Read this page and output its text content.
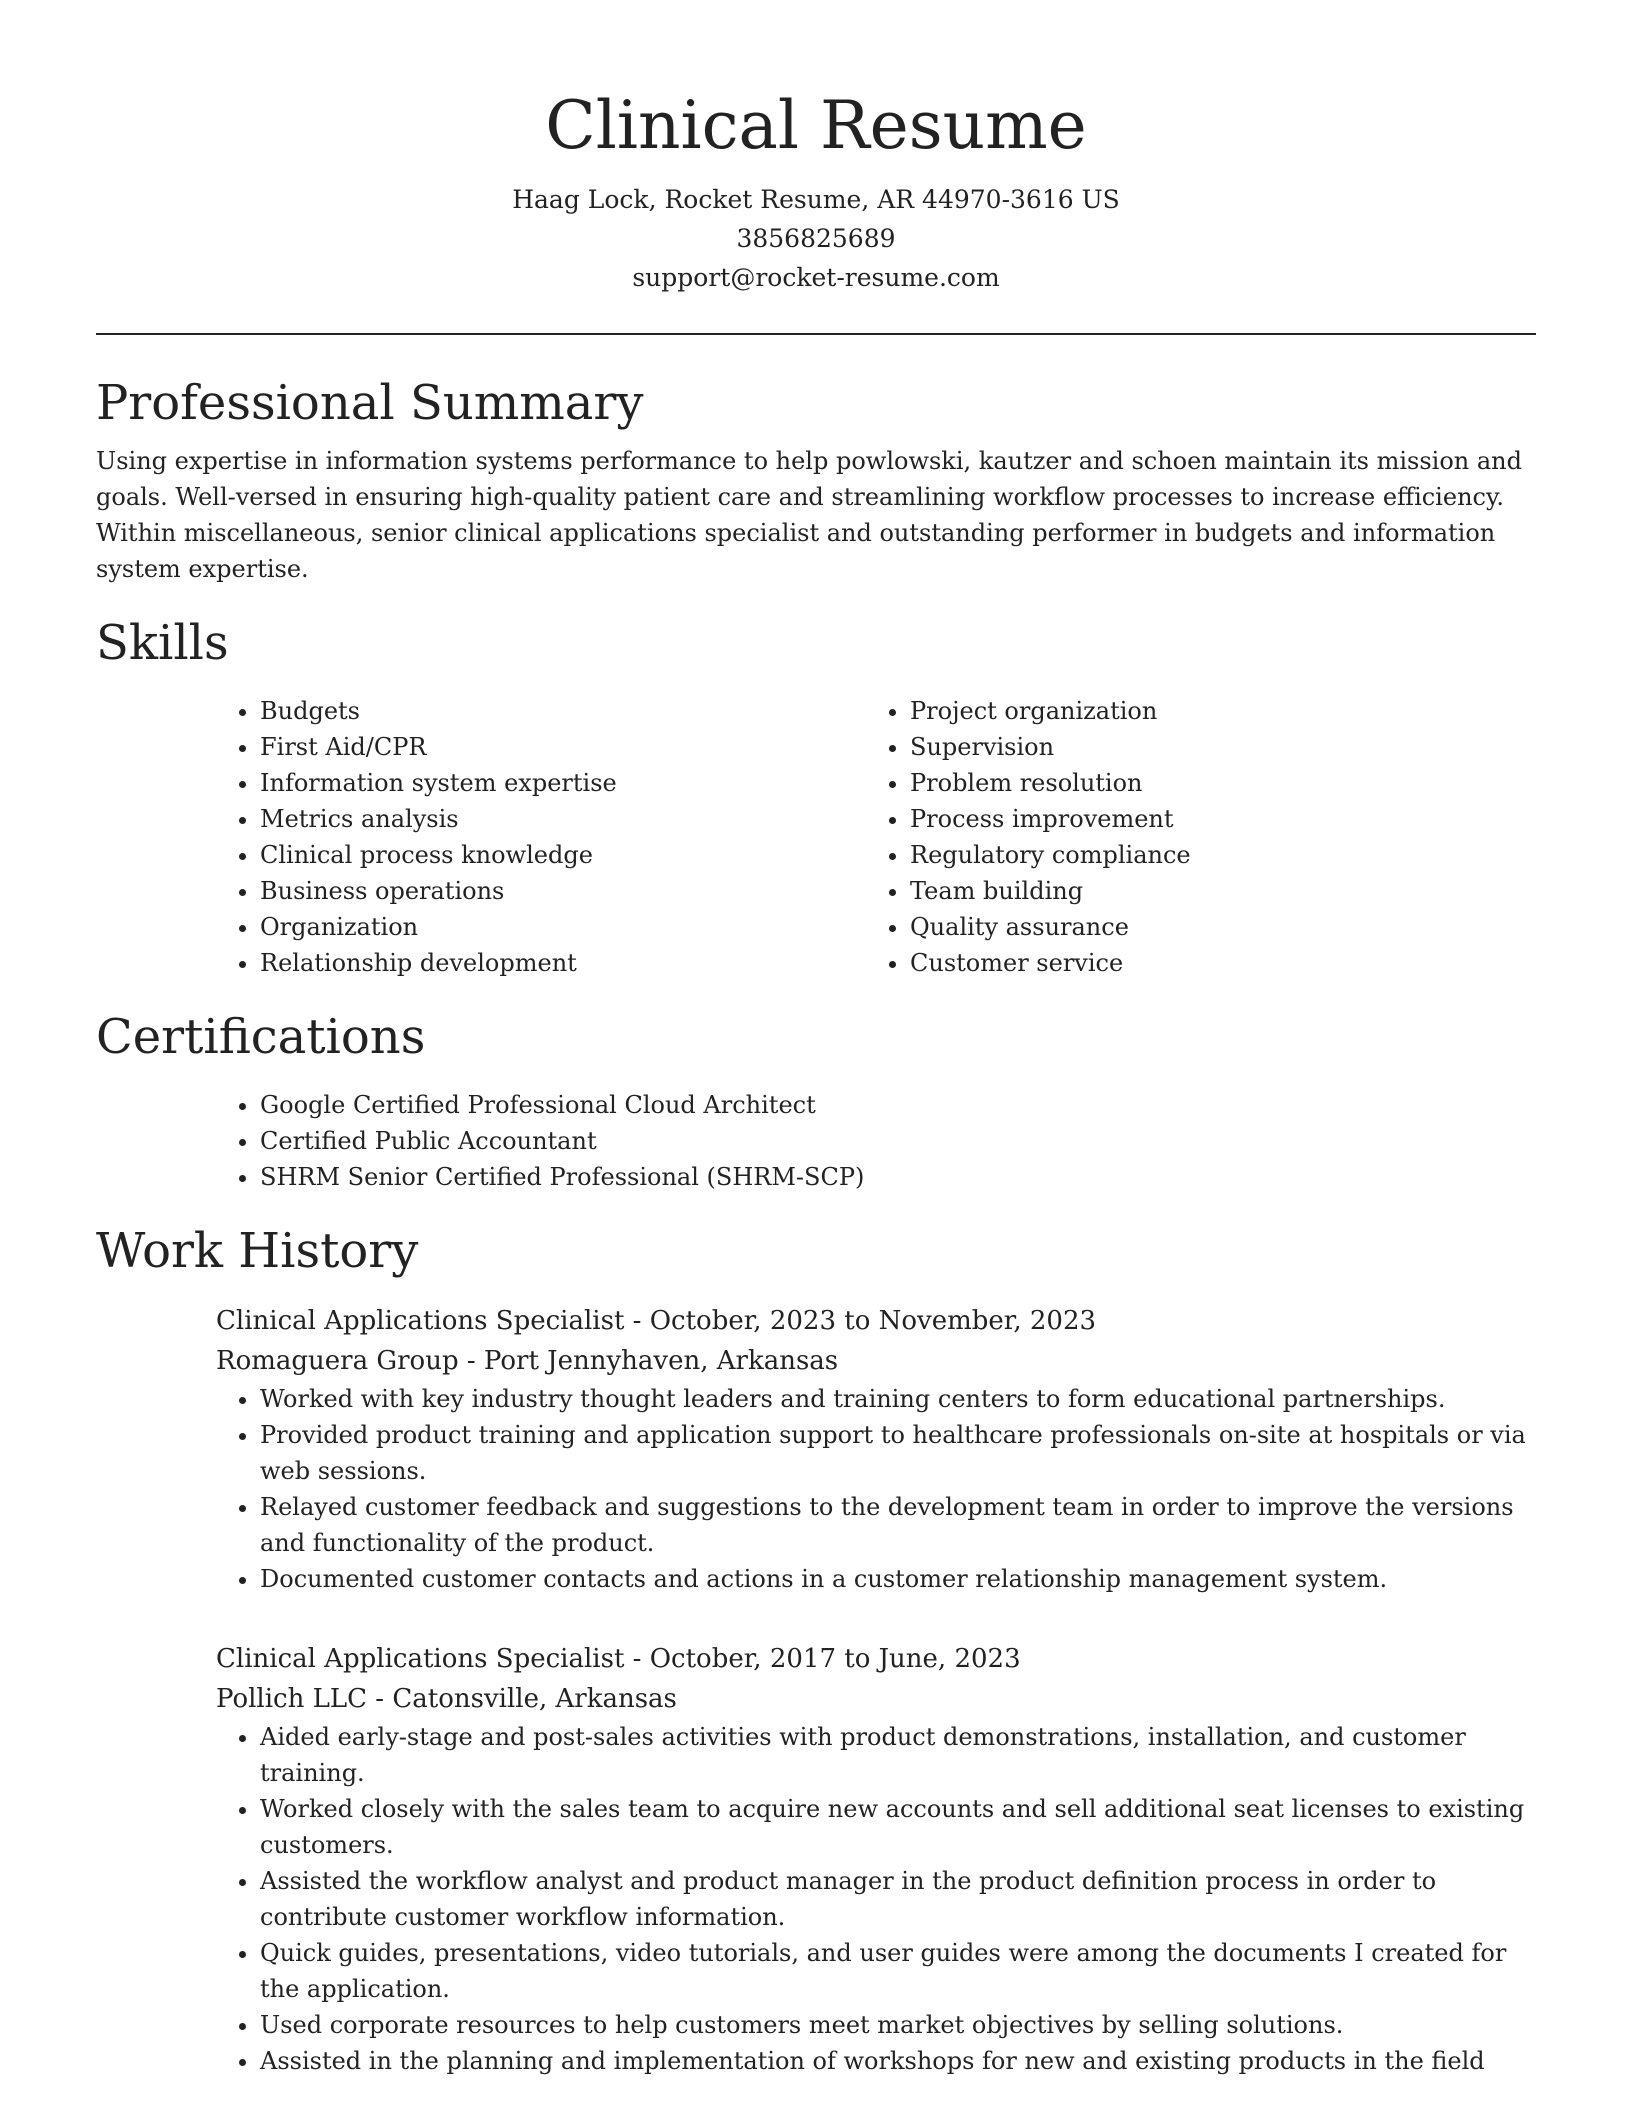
Clinical Resume

Haag Lock, Rocket Resume, AR 44970-3616 US

3856825689

support@rocket-resume.com

Professional Summary

Using expertise in information systems performance to help powlowski, kautzer and schoen maintain its mission and goals. Well-versed in ensuring high-quality patient care and streamlining workflow processes to increase efficiency. Within miscellaneous, senior clinical applications specialist and outstanding performer in budgets and information system expertise.

Skills
• Budgets
• First Aid/CPR
• Information system expertise
• Metrics analysis
• Clinical process knowledge
• Business operations
• Organization
• Relationship development
• Project organization
• Supervision
• Problem resolution
• Process improvement
• Regulatory compliance
• Team building
• Quality assurance
• Customer service
Certifications
• Google Certified Professional Cloud Architect
• Certified Public Accountant
• SHRM Senior Certified Professional (SHRM-SCP)
Work History

Clinical Applications Specialist - October, 2023 to November, 2023

Romaguera Group - Port Jennyhaven, Arkansas

• Worked with key industry thought leaders and training centers to form educational partnerships.
• Provided product training and application support to healthcare professionals on-site at hospitals or via web sessions.
• Relayed customer feedback and suggestions to the development team in order to improve the versions and functionality of the product.
• Documented customer contacts and actions in a customer relationship management system.

Clinical Applications Specialist - October, 2017 to June, 2023

Pollich LLC - Catonsville, Arkansas

• Aided early-stage and post-sales activities with product demonstrations, installation, and customer training.
• Worked closely with the sales team to acquire new accounts and sell additional seat licenses to existing customers.
• Assisted the workflow analyst and product manager in the product definition process in order to contribute customer workflow information.
• Quick guides, presentations, video tutorials, and user guides were among the documents I created for the application.
• Used corporate resources to help customers meet market objectives by selling solutions.
• Assisted in the planning and implementation of workshops for new and existing products in the field
